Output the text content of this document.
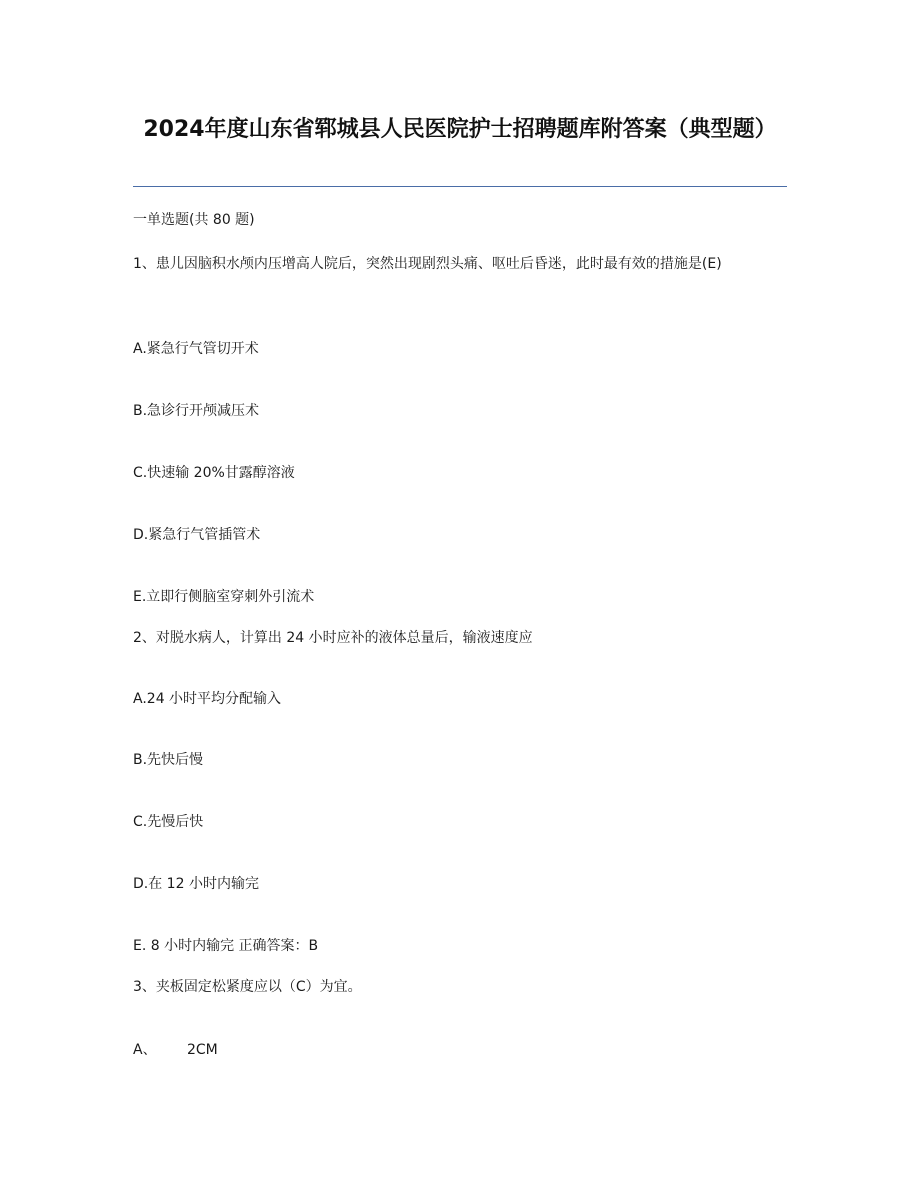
2024年度山东省郓城县人民医院护士招聘题库附答案（典型题）
一单选题(共 80 题)
1、患儿因脑积水颅内压增高人院后，突然出现剧烈头痛、呕吐后昏迷，此时最有效的措施是(E)
A.紧急行气管切开术
B.急诊行开颅减压术
C.快速输 20%甘露醇溶液
D.紧急行气管插管术
E.立即行侧脑室穿刺外引流术
2、对脱水病人，计算出 24 小时应补的液体总量后，输液速度应
A.24 小时平均分配输入
B.先快后慢
C.先慢后快
D.在 12 小时内输完
E. 8 小时内输完 正确答案：B
3、夹板固定松紧度应以（C）为宜。
A、 2CM
